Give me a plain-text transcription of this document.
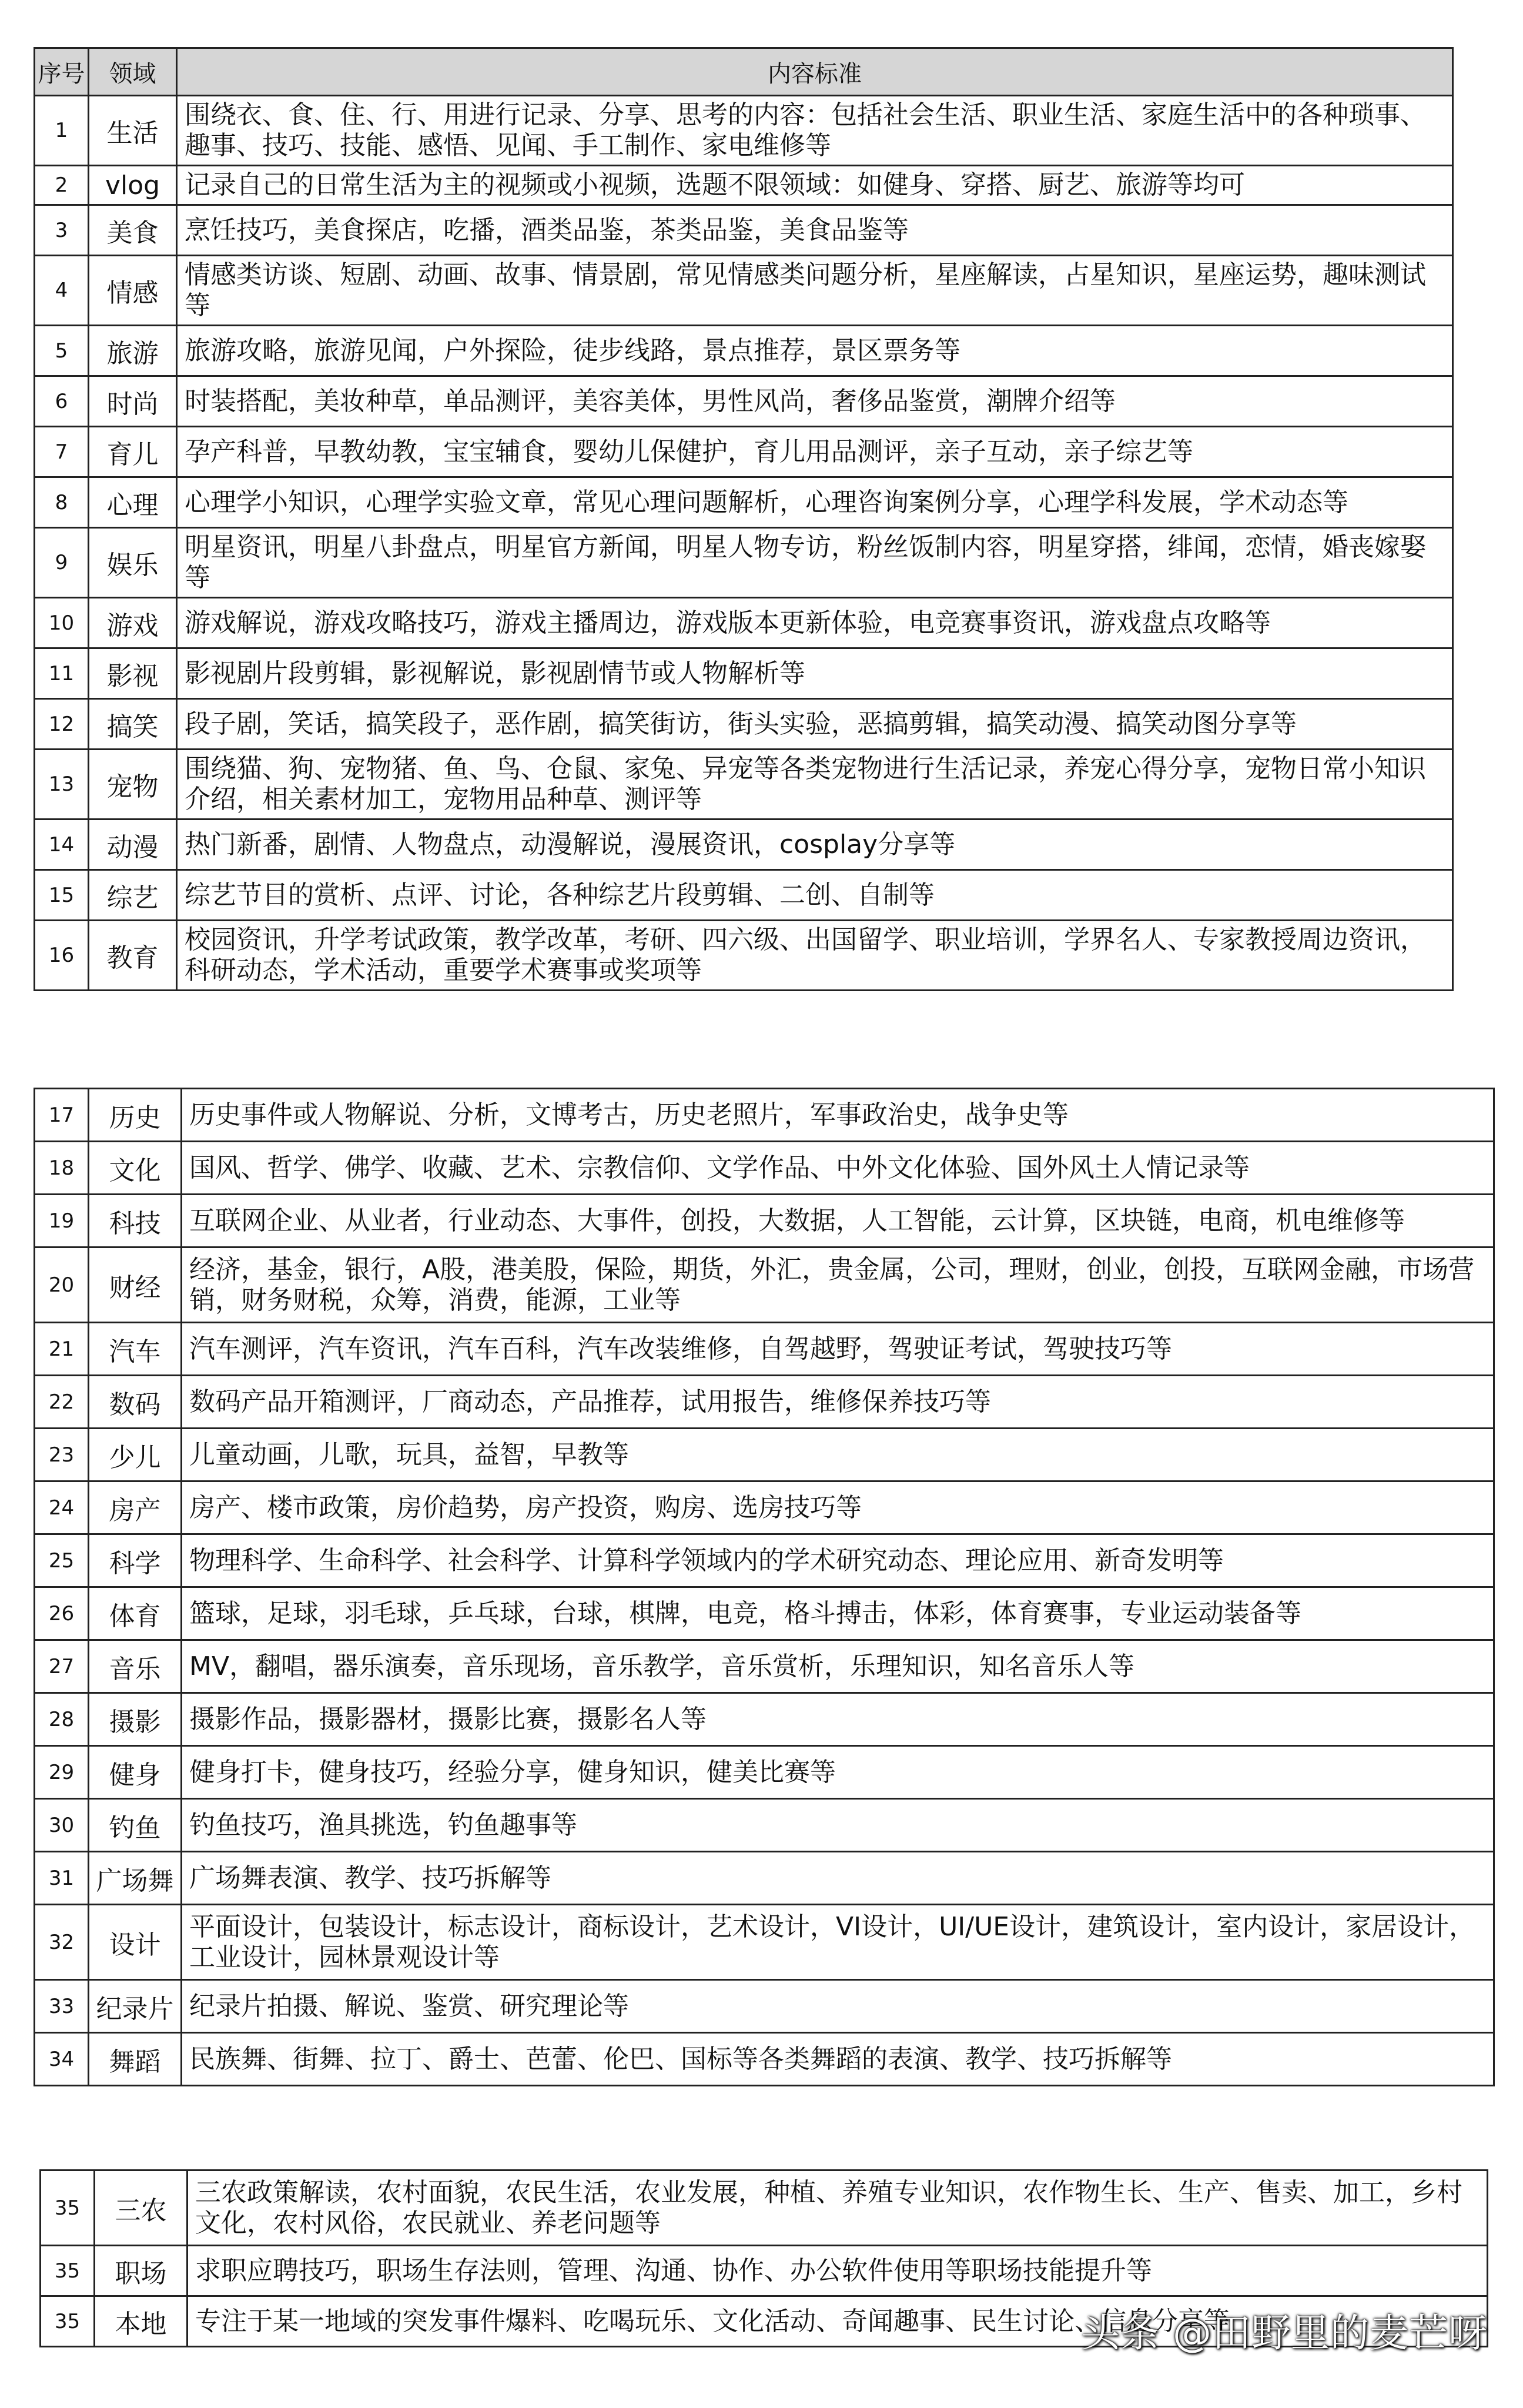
序号	领域	内容标准
1	生活	围绕衣、食、住、行、用进行记录、分享、思考的内容：包括社会生活、职业生活、家庭生活中的各种琐事、趣事、技巧、技能、感悟、见闻、手工制作、家电维修等
2	vlog	记录自己的日常生活为主的视频或小视频，选题不限领域：如健身、穿搭、厨艺、旅游等均可
3	美食	烹饪技巧，美食探店，吃播，酒类品鉴，茶类品鉴，美食品鉴等
4	情感	情感类访谈、短剧、动画、故事、情景剧，常见情感类问题分析，星座解读，占星知识，星座运势，趣味测试等
5	旅游	旅游攻略，旅游见闻，户外探险，徒步线路，景点推荐，景区票务等
6	时尚	时装搭配，美妆种草，单品测评，美容美体，男性风尚，奢侈品鉴赏，潮牌介绍等
7	育儿	孕产科普，早教幼教，宝宝辅食，婴幼儿保健护，育儿用品测评，亲子互动，亲子综艺等
8	心理	心理学小知识，心理学实验文章，常见心理问题解析，心理咨询案例分享，心理学科发展，学术动态等
9	娱乐	明星资讯，明星八卦盘点，明星官方新闻，明星人物专访，粉丝饭制内容，明星穿搭，绯闻，恋情，婚丧嫁娶等
10	游戏	游戏解说，游戏攻略技巧，游戏主播周边，游戏版本更新体验，电竞赛事资讯，游戏盘点攻略等
11	影视	影视剧片段剪辑，影视解说，影视剧情节或人物解析等
12	搞笑	段子剧，笑话，搞笑段子，恶作剧，搞笑街访，街头实验，恶搞剪辑，搞笑动漫、搞笑动图分享等
13	宠物	围绕猫、狗、宠物猪、鱼、鸟、仓鼠、家兔、异宠等各类宠物进行生活记录，养宠心得分享，宠物日常小知识介绍，相关素材加工，宠物用品种草、测评等
14	动漫	热门新番，剧情、人物盘点，动漫解说，漫展资讯，cosplay分享等
15	综艺	综艺节目的赏析、点评、讨论，各种综艺片段剪辑、二创、自制等
16	教育	校园资讯，升学考试政策，教学改革，考研、四六级、出国留学、职业培训，学界名人、专家教授周边资讯，科研动态，学术活动，重要学术赛事或奖项等
17	历史	历史事件或人物解说、分析，文博考古，历史老照片，军事政治史，战争史等
18	文化	国风、哲学、佛学、收藏、艺术、宗教信仰、文学作品、中外文化体验、国外风土人情记录等
19	科技	互联网企业、从业者，行业动态、大事件，创投，大数据，人工智能，云计算，区块链，电商，机电维修等
20	财经	经济，基金，银行，A股，港美股，保险，期货，外汇，贵金属，公司，理财，创业，创投，互联网金融，市场营销，财务财税，众筹，消费，能源，工业等
21	汽车	汽车测评，汽车资讯，汽车百科，汽车改装维修，自驾越野，驾驶证考试，驾驶技巧等
22	数码	数码产品开箱测评，厂商动态，产品推荐，试用报告，维修保养技巧等
23	少儿	儿童动画，儿歌，玩具，益智，早教等
24	房产	房产、楼市政策，房价趋势，房产投资，购房、选房技巧等
25	科学	物理科学、生命科学、社会科学、计算科学领域内的学术研究动态、理论应用、新奇发明等
26	体育	篮球，足球，羽毛球，乒乓球，台球，棋牌，电竞，格斗搏击，体彩，体育赛事，专业运动装备等
27	音乐	MV，翻唱，器乐演奏，音乐现场，音乐教学，音乐赏析，乐理知识，知名音乐人等
28	摄影	摄影作品，摄影器材，摄影比赛，摄影名人等
29	健身	健身打卡，健身技巧，经验分享，健身知识，健美比赛等
30	钓鱼	钓鱼技巧，渔具挑选，钓鱼趣事等
31	广场舞	广场舞表演、教学、技巧拆解等
32	设计	平面设计，包装设计，标志设计，商标设计，艺术设计，VI设计，UI/UE设计，建筑设计，室内设计，家居设计，工业设计，园林景观设计等
33	纪录片	纪录片拍摄、解说、鉴赏、研究理论等
34	舞蹈	民族舞、街舞、拉丁、爵士、芭蕾、伦巴、国标等各类舞蹈的表演、教学、技巧拆解等
35	三农	三农政策解读，农村面貌，农民生活，农业发展，种植、养殖专业知识，农作物生长、生产、售卖、加工，乡村文化，农村风俗，农民就业、养老问题等
35	职场	求职应聘技巧，职场生存法则，管理、沟通、协作、办公软件使用等职场技能提升等
35	本地	专注于某一地域的突发事件爆料、吃喝玩乐、文化活动、奇闻趣事、民生讨论、信息分享等
头条 @田野里的麦芒呀
